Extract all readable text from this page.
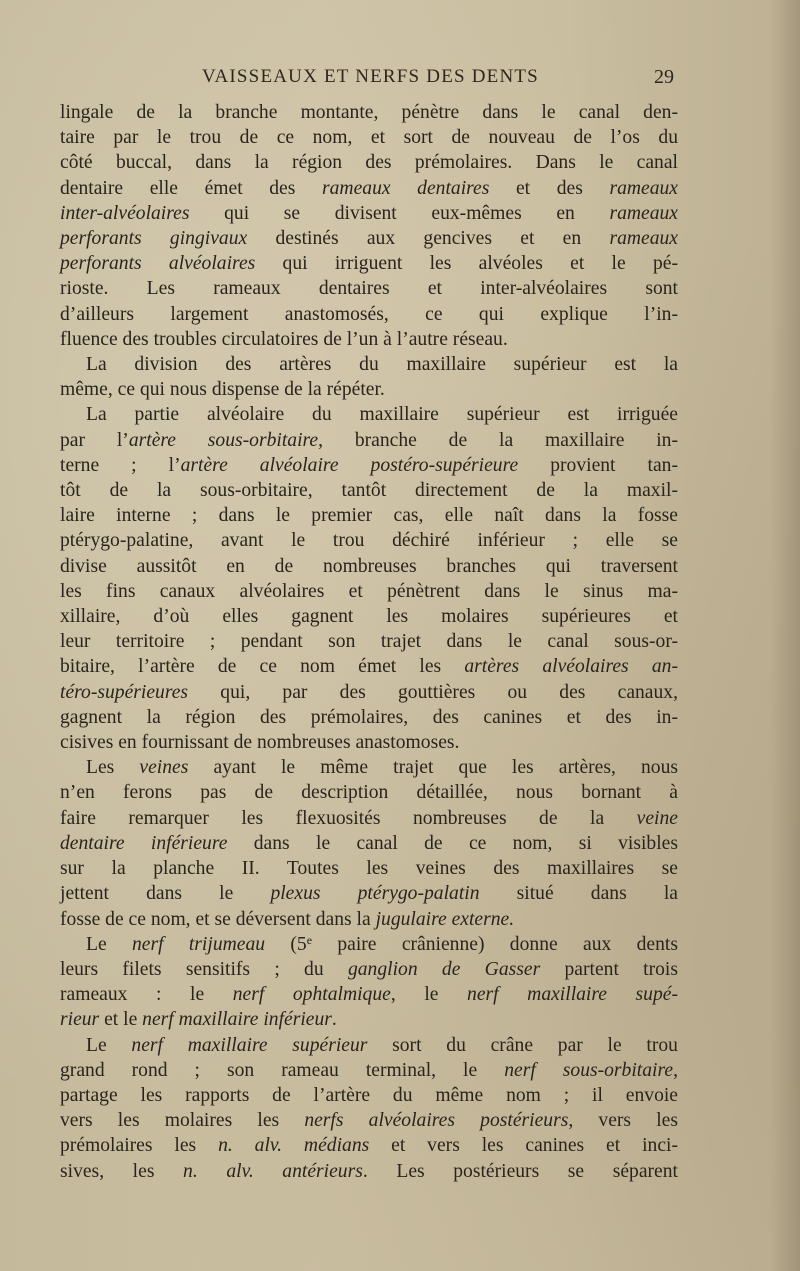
VAISSEAUX ET NERFS DES DENTS	29
lingale de la branche montante, pénètre dans le canal den-
taire par le trou de ce nom, et sort de nouveau de l’os du
côté buccal, dans la région des prémolaires. Dans le canal
dentaire elle émet des rameaux dentaires et des rameaux
inter-alvéolaires qui se divisent eux-mêmes en rameaux
perforants gingivaux destinés aux gencives et en rameaux
perforants alvéolaires qui irriguent les alvéoles et le pé-
rioste. Les rameaux dentaires et inter-alvéolaires sont
d’ailleurs largement anastomosés, ce qui explique l’in-
fluence des troubles circulatoires de l’un à l’autre réseau.
La division des artères du maxillaire supérieur est la
même, ce qui nous dispense de la répéter.
La partie alvéolaire du maxillaire supérieur est irriguée
par l’artère sous-orbitaire, branche de la maxillaire in-
terne ; l’artère alvéolaire postéro-supérieure provient tan-
tôt de la sous-orbitaire, tantôt directement de la maxil-
laire interne ; dans le premier cas, elle naît dans la fosse
ptérygo-palatine, avant le trou déchiré inférieur ; elle se
divise aussitôt en de nombreuses branches qui traversent
les fins canaux alvéolaires et pénètrent dans le sinus ma-
xillaire, d’où elles gagnent les molaires supérieures et
leur territoire ; pendant son trajet dans le canal sous-or-
bitaire, l’artère de ce nom émet les artères alvéolaires an-
téro-supérieures qui, par des gouttières ou des canaux,
gagnent la région des prémolaires, des canines et des in-
cisives en fournissant de nombreuses anastomoses.
Les veines ayant le même trajet que les artères, nous
n’en ferons pas de description détaillée, nous bornant à
faire remarquer les flexuosités nombreuses de la veine
dentaire inférieure dans le canal de ce nom, si visibles
sur la planche II. Toutes les veines des maxillaires se
jettent dans le plexus ptérygo-palatin situé dans la
fosse de ce nom, et se déversent dans la jugulaire externe.
Le nerf trijumeau (5e paire crânienne) donne aux dents
leurs filets sensitifs ; du ganglion de Gasser partent trois
rameaux : le nerf ophtalmique, le nerf maxillaire supé-
rieur et le nerf maxillaire inférieur.
Le nerf maxillaire supérieur sort du crâne par le trou
grand rond ; son rameau terminal, le nerf sous-orbitaire,
partage les rapports de l’artère du même nom ; il envoie
vers les molaires les nerfs alvéolaires postérieurs, vers les
prémolaires les n. alv. médians et vers les canines et inci-
sives, les n. alv. antérieurs. Les postérieurs se séparent
